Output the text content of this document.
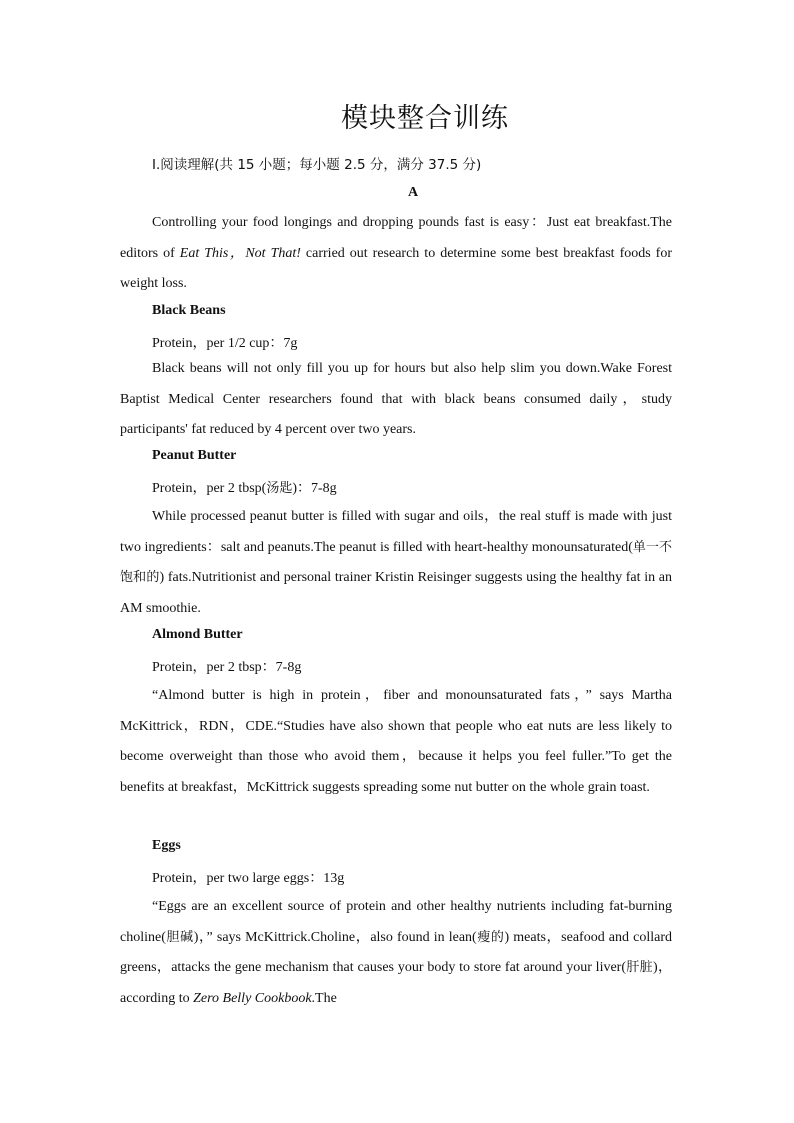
模块整合训练
Ⅰ.阅读理解(共 15 小题；每小题 2.5 分，满分 37.5 分)
A

Controlling your food longings and dropping pounds fast is easy：Just eat breakfast.The editors of Eat This，Not That! carried out research to determine some best breakfast foods for weight loss.

Black Beans
Protein，per 1/2 cup：7g

Black beans will not only fill you up for hours but also help slim you down.Wake Forest Baptist Medical Center researchers found that with black beans consumed daily，study participants' fat reduced by 4 percent over two years.

Peanut Butter
Protein，per 2 tbsp(汤匙)：7-8g

While processed peanut butter is filled with sugar and oils，the real stuff is made with just two ingredients：salt and peanuts.The peanut is filled with heart-healthy monounsaturated(单一不饱和的) fats.Nutritionist and personal trainer Kristin Reisinger suggests using the healthy fat in an AM smoothie.

Almond Butter
Protein，per 2 tbsp：7-8g

“Almond butter is high in protein，fiber and monounsaturated fats，” says Martha McKittrick，RDN，CDE.“Studies have also shown that people who eat nuts are less likely to become overweight than those who avoid them，because it helps you feel fuller.”To get the benefits at breakfast，McKittrick suggests spreading some nut butter on the whole grain toast.

Eggs
Protein，per two large eggs：13g

“Eggs are an excellent source of protein and other healthy nutrients including fat-burning choline(胆碱)，” says McKittrick.Choline，also found in lean(瘦的) meats，seafood and collard greens，attacks the gene mechanism that causes your body to store fat around your liver(肝脏)，according to Zero Belly Cookbook.The
